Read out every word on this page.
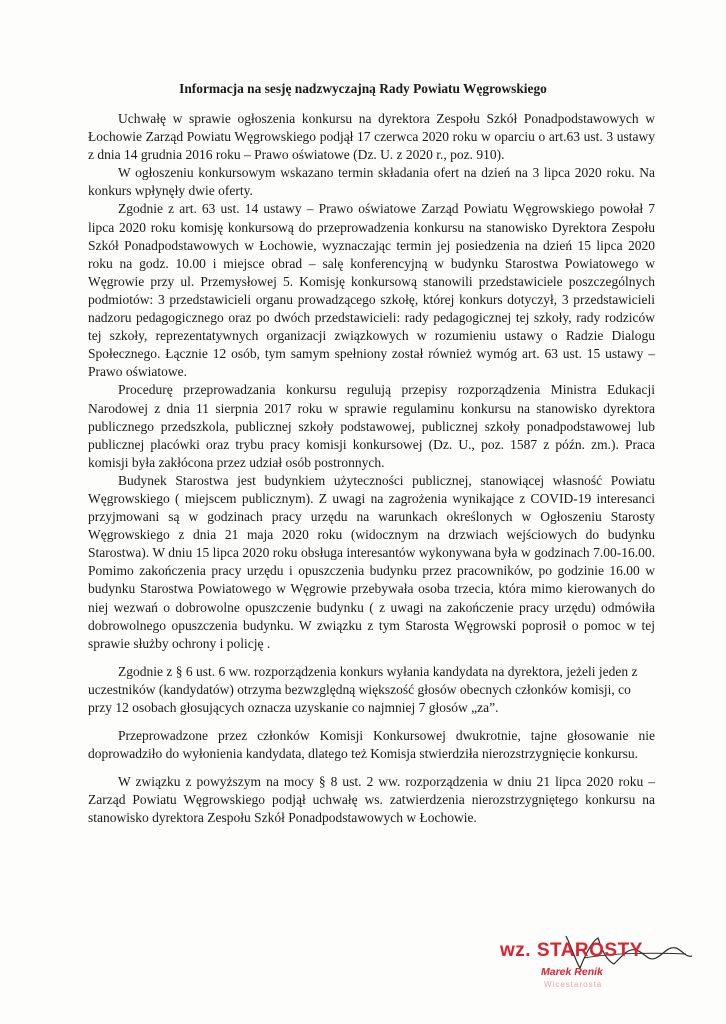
Informacja na sesję nadzwyczajną Rady Powiatu Węgrowskiego

Uchwałę w sprawie ogłoszenia konkursu na dyrektora Zespołu Szkół Ponadpodstawowych w Łochowie Zarząd Powiatu Węgrowskiego podjął 17 czerwca 2020 roku w oparciu o art.63 ust. 3 ustawy z dnia 14 grudnia 2016 roku – Prawo oświatowe (Dz. U. z 2020 r., poz. 910).

W ogłoszeniu konkursowym wskazano termin składania ofert na dzień na 3 lipca 2020 roku. Na konkurs wpłynęły dwie oferty.

Zgodnie z art. 63 ust. 14 ustawy – Prawo oświatowe Zarząd Powiatu Węgrowskiego powołał 7 lipca 2020 roku komisję konkursową do przeprowadzenia konkursu na stanowisko Dyrektora Zespołu Szkół Ponadpodstawowych w Łochowie, wyznaczając termin jej posiedzenia na dzień 15 lipca 2020 roku na godz. 10.00 i miejsce obrad – salę konferencyjną w budynku Starostwa Powiatowego w Węgrowie przy ul. Przemysłowej 5. Komisję konkursową stanowili przedstawiciele poszczególnych podmiotów: 3 przedstawicieli organu prowadzącego szkołę, której konkurs dotyczył, 3 przedstawicieli nadzoru pedagogicznego oraz po dwóch przedstawicieli: rady pedagogicznej tej szkoły, rady rodziców tej szkoły, reprezentatywnych organizacji związkowych w rozumieniu ustawy o Radzie Dialogu Społecznego. Łącznie 12 osób, tym samym spełniony został również wymóg art. 63 ust. 15 ustawy – Prawo oświatowe.

Procedurę przeprowadzania konkursu regulują przepisy rozporządzenia Ministra Edukacji Narodowej z dnia 11 sierpnia 2017 roku w sprawie regulaminu konkursu na stanowisko dyrektora publicznego przedszkola, publicznej szkoły podstawowej, publicznej szkoły ponadpodstawowej lub publicznej placówki oraz trybu pracy komisji konkursowej (Dz. U., poz. 1587 z późn. zm.). Praca komisji była zakłócona przez udział osób postronnych.

Budynek Starostwa jest budynkiem użyteczności publicznej, stanowiącej własność Powiatu Węgrowskiego ( miejscem publicznym). Z uwagi na zagrożenia wynikające z COVID-19 interesanci przyjmowani są w godzinach pracy urzędu na warunkach określonych w Ogłoszeniu Starosty Węgrowskiego z dnia 21 maja 2020 roku (widocznym na drzwiach wejściowych do budynku Starostwa). W dniu 15 lipca 2020 roku obsługa interesantów wykonywana była w godzinach 7.00-16.00. Pomimo zakończenia pracy urzędu i opuszczenia budynku przez pracowników, po godzinie 16.00 w budynku Starostwa Powiatowego w Węgrowie przebywała osoba trzecia, która mimo kierowanych do niej wezwań o dobrowolne opuszczenie budynku ( z uwagi na zakończenie pracy urzędu) odmówiła dobrowolnego opuszczenia budynku. W związku z tym Starosta Węgrowski poprosił o pomoc w tej sprawie służby ochrony i policję .

Zgodnie z § 6 ust. 6 ww. rozporządzenia konkurs wyłania kandydata na dyrektora, jeżeli jeden z uczestników (kandydatów) otrzyma bezwzględną większość głosów obecnych członków komisji, co przy 12 osobach głosujących oznacza uzyskanie co najmniej 7 głosów „za”.

Przeprowadzone przez członków Komisji Konkursowej dwukrotnie, tajne głosowanie nie doprowadziło do wyłonienia kandydata, dlatego też Komisja stwierdziła nierozstrzygnięcie konkursu.

W związku z powyższym na mocy § 8 ust. 2 ww. rozporządzenia w dniu 21 lipca 2020 roku – Zarząd Powiatu Węgrowskiego podjął uchwałę ws. zatwierdzenia nierozstrzygniętego konkursu na stanowisko dyrektora Zespołu Szkół Ponadpodstawowych w Łochowie.

wz. STAROSTY
Marek Renik
Wicestarosta
